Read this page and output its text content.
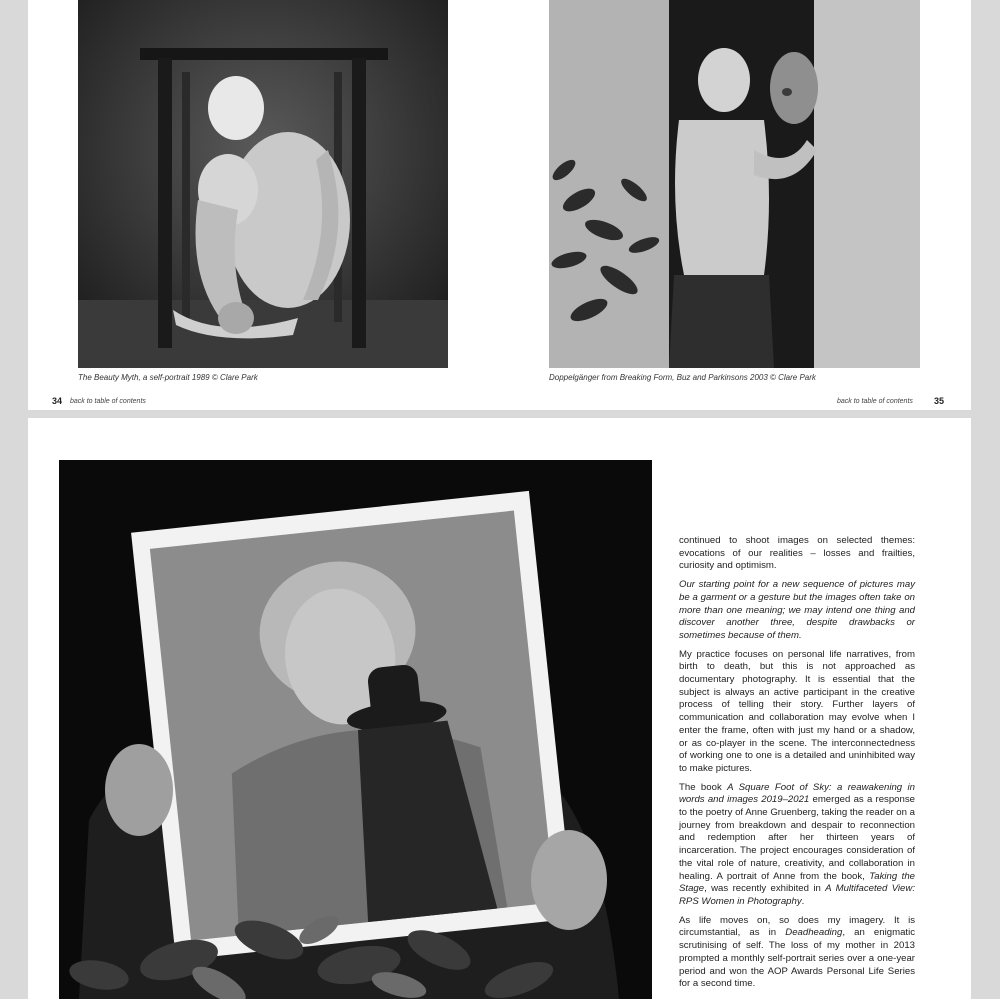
The Beauty Myth, a self-portrait 1989 © Clare Park	Doppelgänger from Breaking Form, Buz and Parkinsons 2003 © Clare Park
34 back to table of contents	back to table of contents 35

continued to shoot images on selected themes: evocations of our realities – losses and frailties, curiosity and optimism.

Our starting point for a new sequence of pictures may be a garment or a gesture but the images often take on more than one meaning; we may intend one thing and discover another three, despite drawbacks or sometimes because of them.

My practice focuses on personal life narratives, from birth to death, but this is not approached as documentary photography. It is essential that the subject is always an active participant in the creative process of telling their story. Further layers of communication and collaboration may evolve when I enter the frame, often with just my hand or a shadow, or as co-player in the scene. The interconnectedness of working one to one is a detailed and uninhibited way to make pictures.

The book A Square Foot of Sky: a reawakening in words and images 2019–2021 emerged as a response to the poetry of Anne Gruenberg, taking the reader on a journey from breakdown and despair to reconnection and redemption after her thirteen years of incarceration. The project encourages consideration of the vital role of nature, creativity, and collaboration in healing. A portrait of Anne from the book, Taking the Stage, was recently exhibited in A Multifaceted View: RPS Women in Photography.

As life moves on, so does my imagery. It is circumstantial, as in Deadheading, an enigmatic scrutinising of self. The loss of my mother in 2013 prompted a monthly self-portrait series over a one-year period and won the AOP Awards Personal Life Series for a second time.
